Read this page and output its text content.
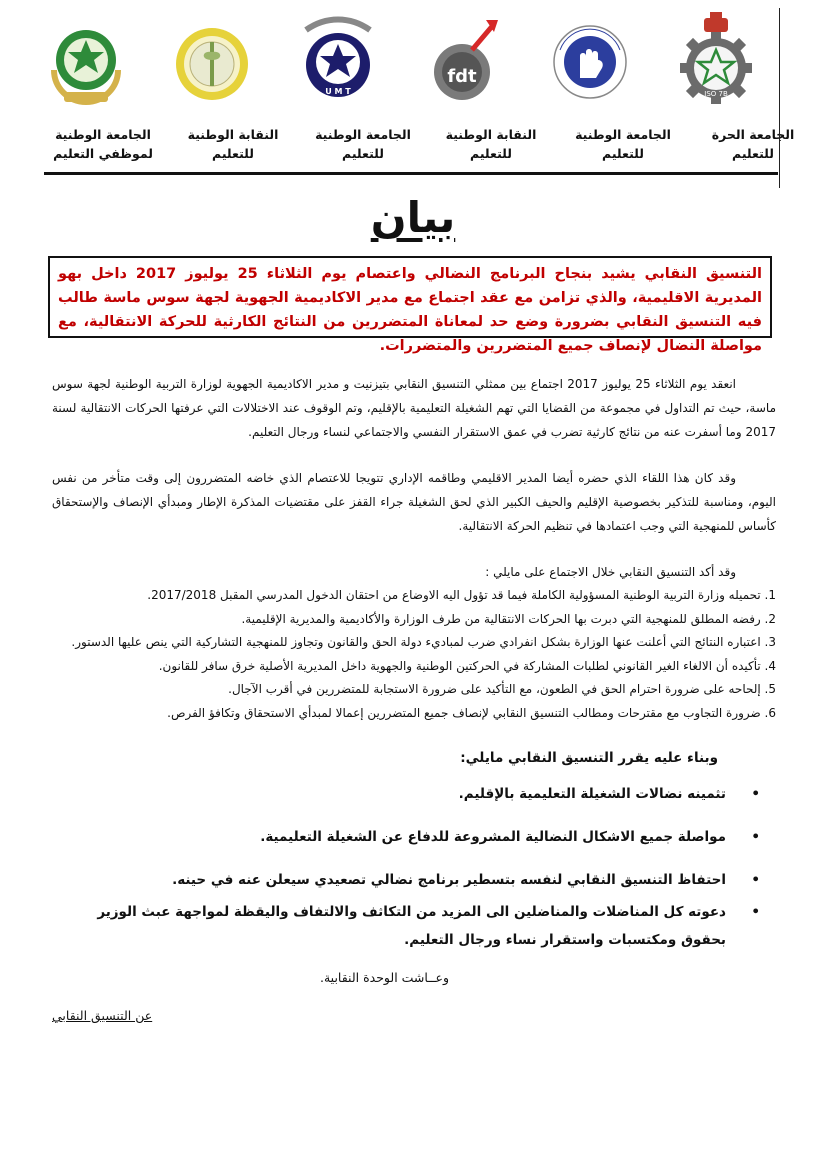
ISO 7B
fdt
U M T
الجامعة الحرة
للتعليم
الجامعة الوطنية
للتعليم
النقابة الوطنية
للتعليم
الجامعة الوطنية
للتعليم
النقابة الوطنية
للتعليم
الجامعة الوطنية
لموظفي التعليم
بيان
التنسيق النقابي يشيد بنجاح البرنامج النضالي واعتصام يوم الثلاثاء 25 يوليوز 2017 داخل بهو المديرية الاقليمية، والذي تزامن مع عقد اجتماع مع مدير الاكاديمية الجهوية لجهة سوس ماسة طالب فيه التنسيق النقابي بضرورة وضع حد لمعاناة المتضررين من النتائج الكارثية للحركة الانتقالية، مع مواصلة النضال لإنصاف جميع المتضررين والمتضررات.
انعقد يوم الثلاثاء 25 يوليوز 2017 اجتماع بين ممثلي التنسيق النقابي بتيزنيت و مدير الاكاديمية الجهوية لوزارة التربية الوطنية لجهة سوس ماسة، حيث تم التداول في مجموعة من القضايا التي تهم الشغيلة التعليمية بالإقليم، وتم الوقوف عند الاختلالات التي عرفتها الحركات الانتقالية لسنة 2017 وما أسفرت عنه من نتائج كارثية تضرب في عمق الاستقرار النفسي والاجتماعي لنساء ورجال التعليم.
وقد كان هذا اللقاء الذي حضره أيضا المدير الاقليمي وطاقمه الإداري تتويجا للاعتصام الذي خاضه المتضررون إلى وقت متأخر من نفس اليوم، ومناسبة للتذكير بخصوصية الإقليم والحيف الكبير الذي لحق الشغيلة جراء القفز على مقتضيات المذكرة الإطار ومبدأي الإنصاف والإستحقاق كأساس للمنهجية التي وجب اعتمادها في تنظيم الحركة الانتقالية.
وقد أكد التنسيق النقابي خلال الاجتماع على مايلي :
1. تحميله وزارة التربية الوطنية المسؤولية الكاملة فيما قد تؤول اليه الاوضاع من احتقان الدخول المدرسي المقبل 2017/2018.
2. رفضه المطلق للمنهجية التي دبرت بها الحركات الانتقالية من طرف الوزارة والأكاديمية والمديرية الإقليمية.
3. اعتباره النتائج التي أعلنت عنها الوزارة بشكل انفرادي ضرب لمباديء دولة الحق والقانون وتجاوز للمنهجية التشاركية التي ينص عليها الدستور.
4. تأكيده أن الالغاء الغير القانوني لطلبات المشاركة في الحركتين الوطنية والجهوية داخل المديرية الأصلية خرق سافر للقانون.
5. إلحاحه على ضرورة احترام الحق في الطعون، مع التأكيد على ضرورة الاستجابة للمتضررين في أقرب الآجال.
6. ضرورة التجاوب مع مقترحات ومطالب التنسيق النقابي لإنصاف جميع المتضررين إعمالا لمبدأي الاستحقاق وتكافؤ الفرص.
وبناء عليه يقرر التنسيق النقابي مايلي:
•
تثمينه نضالات الشغيلة التعليمية بالإقليم.
•
مواصلة جميع الاشكال النضالية المشروعة للدفاع عن الشغيلة التعليمية.
•
احتفاظ التنسيق النقابي لنفسه بتسطير برنامج نضالي تصعيدي سيعلن عنه في حينه.
•
دعوته كل المناضلات والمناضلين الى المزيد من التكاثف والالتفاف واليقظة لمواجهة عبث الوزير بحقوق ومكتسبات واستقرار نساء ورجال التعليم.
وعــاشت الوحدة النقابية.
عن التنسيق النقابي
